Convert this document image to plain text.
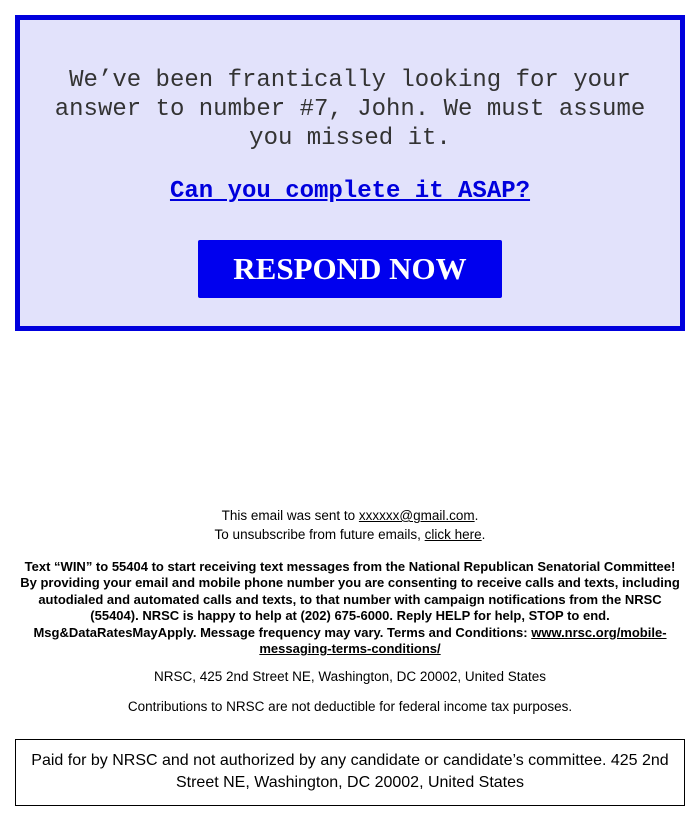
We’ve been frantically looking for your answer to number #7, John. We must assume you missed it.
Can you complete it ASAP?
RESPOND NOW
This email was sent to xxxxxx@gmail.com.
To unsubscribe from future emails, click here.
Text “WIN” to 55404 to start receiving text messages from the National Republican Senatorial Committee! By providing your email and mobile phone number you are consenting to receive calls and texts, including autodialed and automated calls and texts, to that number with campaign notifications from the NRSC (55404). NRSC is happy to help at (202) 675-6000. Reply HELP for help, STOP to end. Msg&DataRatesMayApply. Message frequency may vary. Terms and Conditions: www.nrsc.org/mobile-messaging-terms-conditions/
NRSC, 425 2nd Street NE, Washington, DC 20002, United States
Contributions to NRSC are not deductible for federal income tax purposes.
Paid for by NRSC and not authorized by any candidate or candidate’s committee. 425 2nd Street NE, Washington, DC 20002, United States
